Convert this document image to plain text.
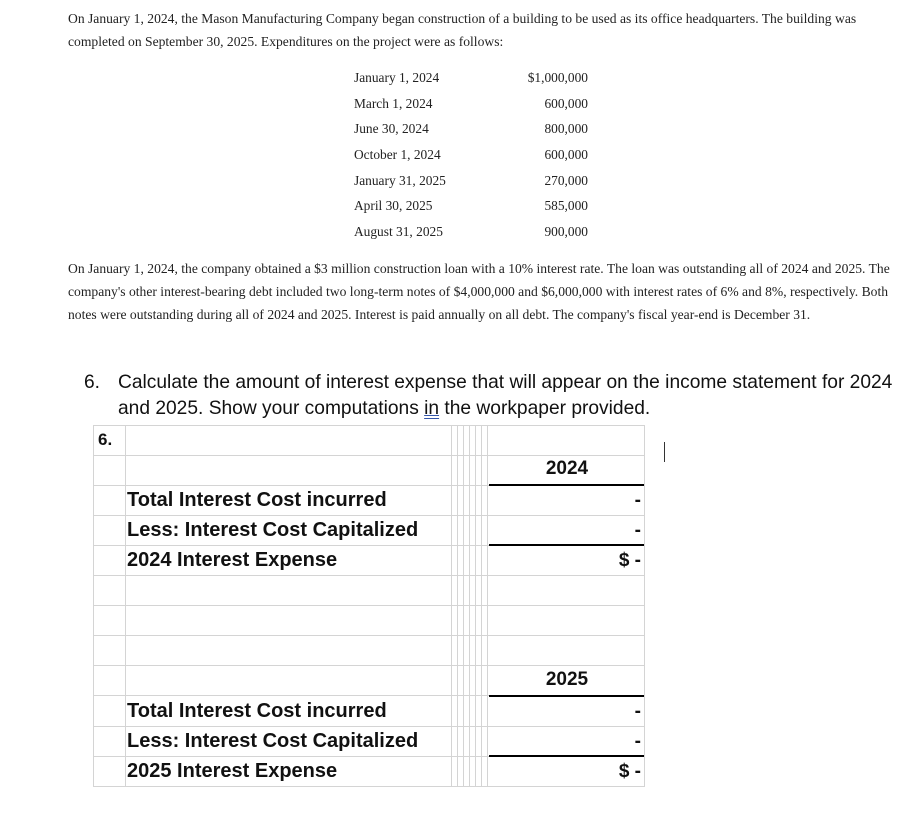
On January 1, 2024, the Mason Manufacturing Company began construction of a building to be used as its office headquarters. The building was completed on September 30, 2025. Expenditures on the project were as follows:
January 1, 2024	$1,000,000
March 1, 2024	600,000
June 30, 2024	800,000
October 1, 2024	600,000
January 31, 2025	270,000
April 30, 2025	585,000
August 31, 2025	900,000
On January 1, 2024, the company obtained a $3 million construction loan with a 10% interest rate. The loan was outstanding all of 2024 and 2025. The company's other interest-bearing debt included two long-term notes of $4,000,000 and $6,000,000 with interest rates of 6% and 8%, respectively. Both notes were outstanding during all of 2024 and 2025. Interest is paid annually on all debt. The company's fiscal year-end is December 31.
6. Calculate the amount of interest expense that will appear on the income statement for 2024 and 2025. Show your computations in the workpaper provided.
6.
2024
Total Interest Cost incurred	-
Less: Interest Cost Capitalized	-
2024 Interest Expense	$ -
2025
Total Interest Cost incurred	-
Less: Interest Cost Capitalized	-
2025 Interest Expense	$ -
